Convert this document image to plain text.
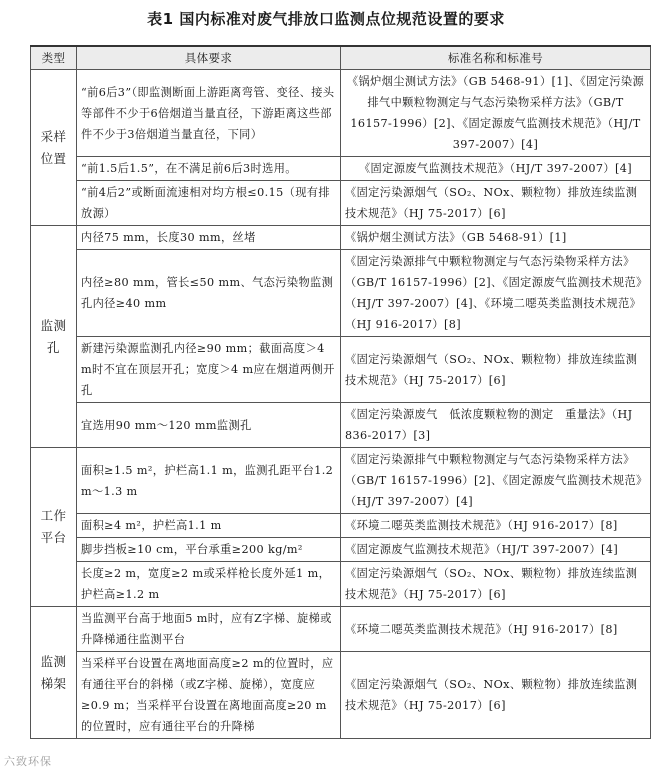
表1 国内标准对废气排放口监测点位规范设置的要求
类型	具体要求	标准名称和标准号
采样位置	“前6后3”（即监测断面上游距离弯管、变径、接头等部件不少于6倍烟道当量直径，下游距离这些部件不少于3倍烟道当量直径，下同）	《锅炉烟尘测试方法》（GB 5468-91）[1]、《固定污染源排气中颗粒物测定与气态污染物采样方法》（GB/T 16157-1996）[2]、《固定源废气监测技术规范》（HJ/T 397-2007）[4]
	“前1.5后1.5”，在不满足前6后3时选用。	《固定源废气监测技术规范》（HJ/T 397-2007）[4]
	“前4后2”或断面流速相对均方根≤0.15（现有排放源）	《固定污染源烟气（SO₂、NOx、颗粒物）排放连续监测技术规范》（HJ 75-2017）[6]
监测孔	内径75 mm，长度30 mm，丝堵	《锅炉烟尘测试方法》（GB 5468-91）[1]
	内径≥80 mm，管长≤50 mm、气态污染物监测孔内径≥40 mm	《固定污染源排气中颗粒物测定与气态污染物采样方法》（GB/T 16157-1996）[2]、《固定源废气监测技术规范》（HJ/T 397-2007）[4]、《环境二噁英类监测技术规范》（HJ 916-2017）[8]
	新建污染源监测孔内径≥90 mm；截面高度＞4 m时不宜在顶层开孔；宽度＞4 m应在烟道两侧开孔	《固定污染源烟气（SO₂、NOx、颗粒物）排放连续监测技术规范》（HJ 75-2017）[6]
	宜选用90 mm～120 mm监测孔	《固定污染源废气　低浓度颗粒物的测定　重量法》（HJ 836-2017）[3]
工作平台	面积≥1.5 m²，护栏高1.1 m，监测孔距平台1.2 m～1.3 m	《固定污染源排气中颗粒物测定与气态污染物采样方法》（GB/T 16157-1996）[2]、《固定源废气监测技术规范》（HJ/T 397-2007）[4]
	面积≥4 m²，护栏高1.1 m	《环境二噁英类监测技术规范》（HJ 916-2017）[8]
	脚步挡板≥10 cm，平台承重≥200 kg/m²	《固定源废气监测技术规范》（HJ/T 397-2007）[4]
	长度≥2 m，宽度≥2 m或采样枪长度外延1 m，护栏高≥1.2 m	《固定污染源烟气（SO₂、NOx、颗粒物）排放连续监测技术规范》（HJ 75-2017）[6]
监测梯架	当监测平台高于地面5 m时，应有Z字梯、旋梯或升降梯通往监测平台	《环境二噁英类监测技术规范》（HJ 916-2017）[8]
	当采样平台设置在离地面高度≥2 m的位置时，应有通往平台的斜梯（或Z字梯、旋梯），宽度应≥0.9 m；当采样平台设置在离地面高度≥20 m的位置时，应有通往平台的升降梯	《固定污染源烟气（SO₂、NOx、颗粒物）排放连续监测技术规范》（HJ 75-2017）[6]
六致环保
